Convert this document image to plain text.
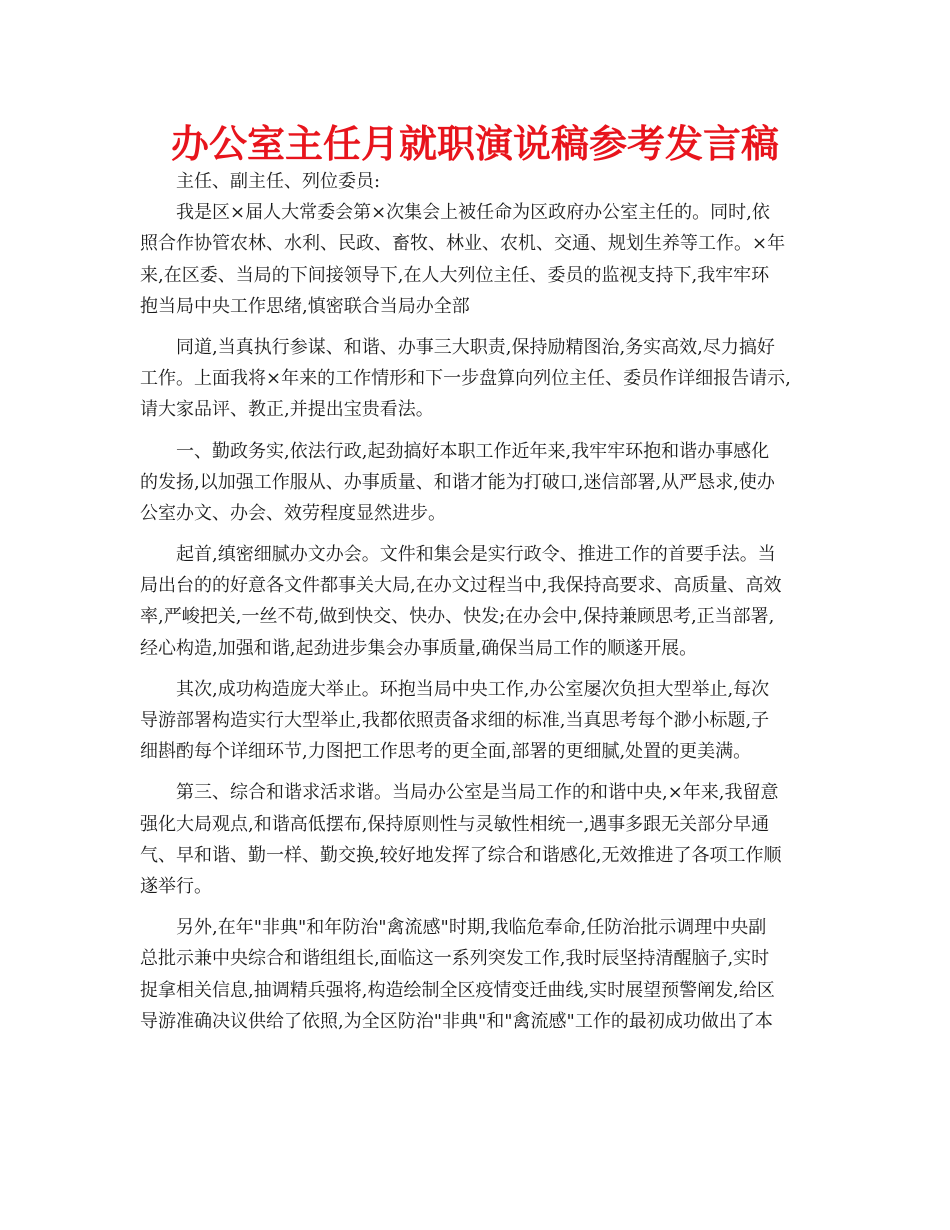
办公室主任月就职演说稿参考发言稿
主任、副主任、列位委员:
我是区×届人大常委会第×次集会上被任命为区政府办公室主任的。同时,依
照合作协管农林、水利、民政、畜牧、林业、农机、交通、规划生养等工作。×年
来,在区委、当局的下间接领导下,在人大列位主任、委员的监视支持下,我牢牢环
抱当局中央工作思绪,慎密联合当局办全部
同道,当真执行参谋、和谐、办事三大职责,保持励精图治,务实高效,尽力搞好
工作。上面我将×年来的工作情形和下一步盘算向列位主任、委员作详细报告请示,
请大家品评、教正,并提出宝贵看法。
一、勤政务实,依法行政,起劲搞好本职工作近年来,我牢牢环抱和谐办事感化
的发扬,以加强工作服从、办事质量、和谐才能为打破口,迷信部署,从严恳求,使办
公室办文、办会、效劳程度显然进步。
起首,缜密细腻办文办会。文件和集会是实行政令、推进工作的首要手法。当
局出台的的好意各文件都事关大局,在办文过程当中,我保持高要求、高质量、高效
率,严峻把关,一丝不苟,做到快交、快办、快发;在办会中,保持兼顾思考,正当部署,
经心构造,加强和谐,起劲进步集会办事质量,确保当局工作的顺遂开展。
其次,成功构造庞大举止。环抱当局中央工作,办公室屡次负担大型举止,每次
导游部署构造实行大型举止,我都依照责备求细的标准,当真思考每个渺小标题,子
细斟酌每个详细环节,力图把工作思考的更全面,部署的更细腻,处置的更美满。
第三、综合和谐求活求谐。当局办公室是当局工作的和谐中央,×年来,我留意
强化大局观点,和谐高低摆布,保持原则性与灵敏性相统一,遇事多跟无关部分早通
气、早和谐、勤一样、勤交换,较好地发挥了综合和谐感化,无效推进了各项工作顺
遂举行。
另外,在年"非典"和年防治"禽流感"时期,我临危奉命,任防治批示调理中央副
总批示兼中央综合和谐组组长,面临这一系列突发工作,我时辰坚持清醒脑子,实时
捉拿相关信息,抽调精兵强将,构造绘制全区疫情变迁曲线,实时展望预警阐发,给区
导游准确决议供给了依照,为全区防治"非典"和"禽流感"工作的最初成功做出了本
